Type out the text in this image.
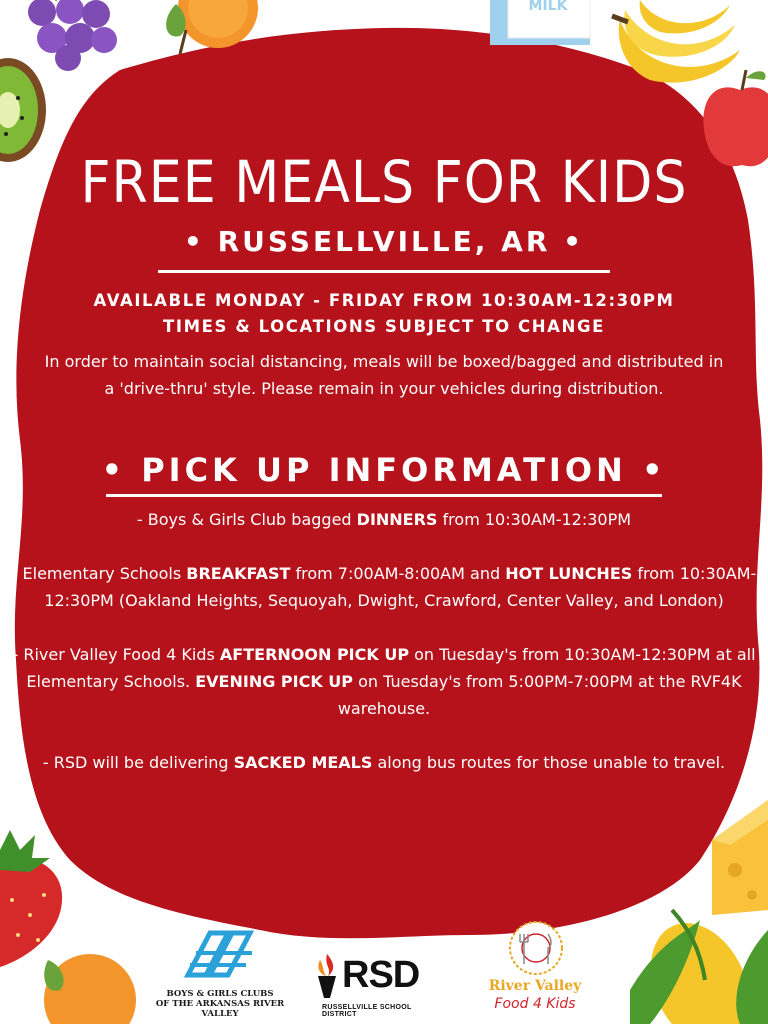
MILK
FREE MEALS FOR KIDS
• RUSSELLVILLE, AR •
AVAILABLE MONDAY - FRIDAY FROM 10:30AM-12:30PM
TIMES & LOCATIONS SUBJECT TO CHANGE
In order to maintain social distancing, meals will be boxed/bagged and distributed in a 'drive-thru' style. Please remain in your vehicles during distribution.
• PICK UP INFORMATION •

- Boys & Girls Club bagged DINNERS from 10:30AM-12:30PM

- Elementary Schools BREAKFAST from 7:00AM-8:00AM and HOT LUNCHES from 10:30AM-12:30PM (Oakland Heights, Sequoyah, Dwight, Crawford, Center Valley, and London)

- River Valley Food 4 Kids AFTERNOON PICK UP on Tuesday's from 10:30AM-12:30PM at all Elementary Schools. EVENING PICK UP on Tuesday's from 5:00PM-7:00PM at the RVF4K warehouse.

- RSD will be delivering SACKED MEALS along bus routes for those unable to travel.

BOYS & GIRLS CLUBS
OF THE ARKANSAS RIVER VALLEY
RSD
RUSSELLVILLE SCHOOL DISTRICT
River Valley
Food 4 Kids
